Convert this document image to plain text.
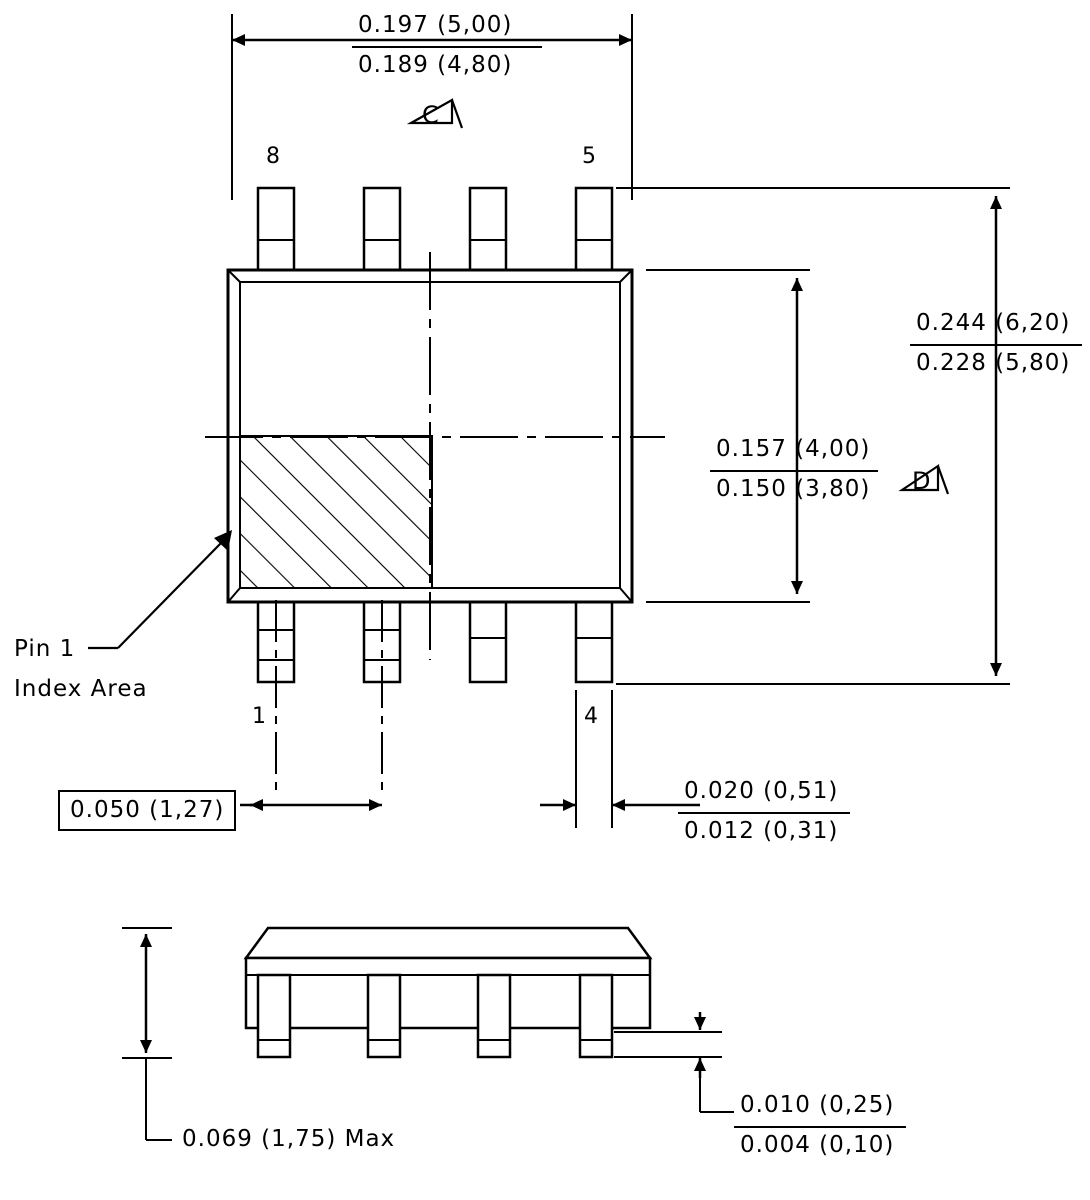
0.197 (5,00)
0.189 (4,80)
C
D
8	5
1	4
0.157 (4,00)
0.150 (3,80)
0.244 (6,20)
0.228 (5,80)
Pin 1
Index Area
0.050 (1,27)
0.020 (0,51)
0.012 (0,31)
0.069 (1,75) Max
0.010 (0,25)
0.004 (0,10)
